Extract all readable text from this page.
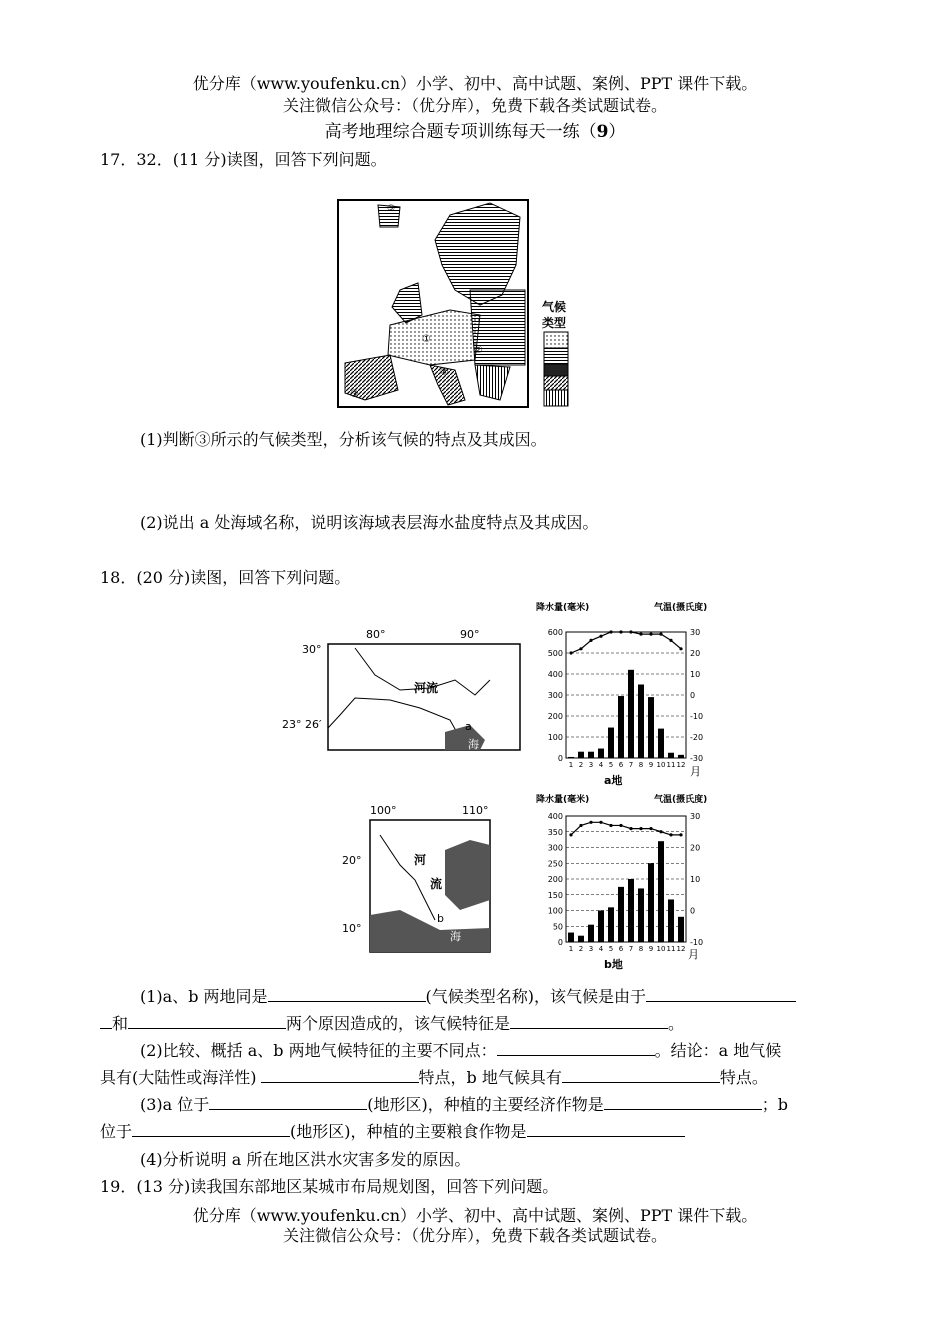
优分库（www.youfenku.cn）小学、初中、高中试题、案例、PPT 课件下载。
关注微信公众号：（优分库），免费下载各类试题试卷。
高考地理综合题专项训练每天一练（9）
17．32．(11 分)读图，回答下列问题。
⑤
①
②
③
④
气候
类型
(1)判断③所示的气候类型，分析该气候的特点及其成因。
(2)说出 a 处海域名称，说明该海域表层海水盐度特点及其成因。
18．(20 分)读图，回答下列问题。
80°	90°
30°
23° 26′
河流
a
海
100°	110°
20°
10°
河
流
b
海
降水量(毫米)	气温(摄氏度)
0
100
200
300
400
500
600
-30
-20
-10
0
10
20
30
1 2 3 4 5 6 7 8 9 10 11 12
a地
月
降水量(毫米)	气温(摄氏度)
0
50
100
150
200
250
300
350
400
-10
0
10
20
30
1 2 3 4 5 6 7 8 9 10 11 12
b地
月
(1)a、b 两地同是	(气候类型名称)，该气候是由于
和	两个原因造成的，该气候特征是	。
(2)比较、概括 a、b 两地气候特征的主要不同点：	。结论：a 地气候
具有(大陆性或海洋性)	特点，b 地气候具有	特点。
(3)a 位于	(地形区)，种植的主要经济作物是	；b
位于	(地形区)，种植的主要粮食作物是
(4)分析说明 a 所在地区洪水灾害多发的原因。
19．(13 分)读我国东部地区某城市布局规划图，回答下列问题。
优分库（www.youfenku.cn）小学、初中、高中试题、案例、PPT 课件下载。
关注微信公众号：（优分库），免费下载各类试题试卷。
